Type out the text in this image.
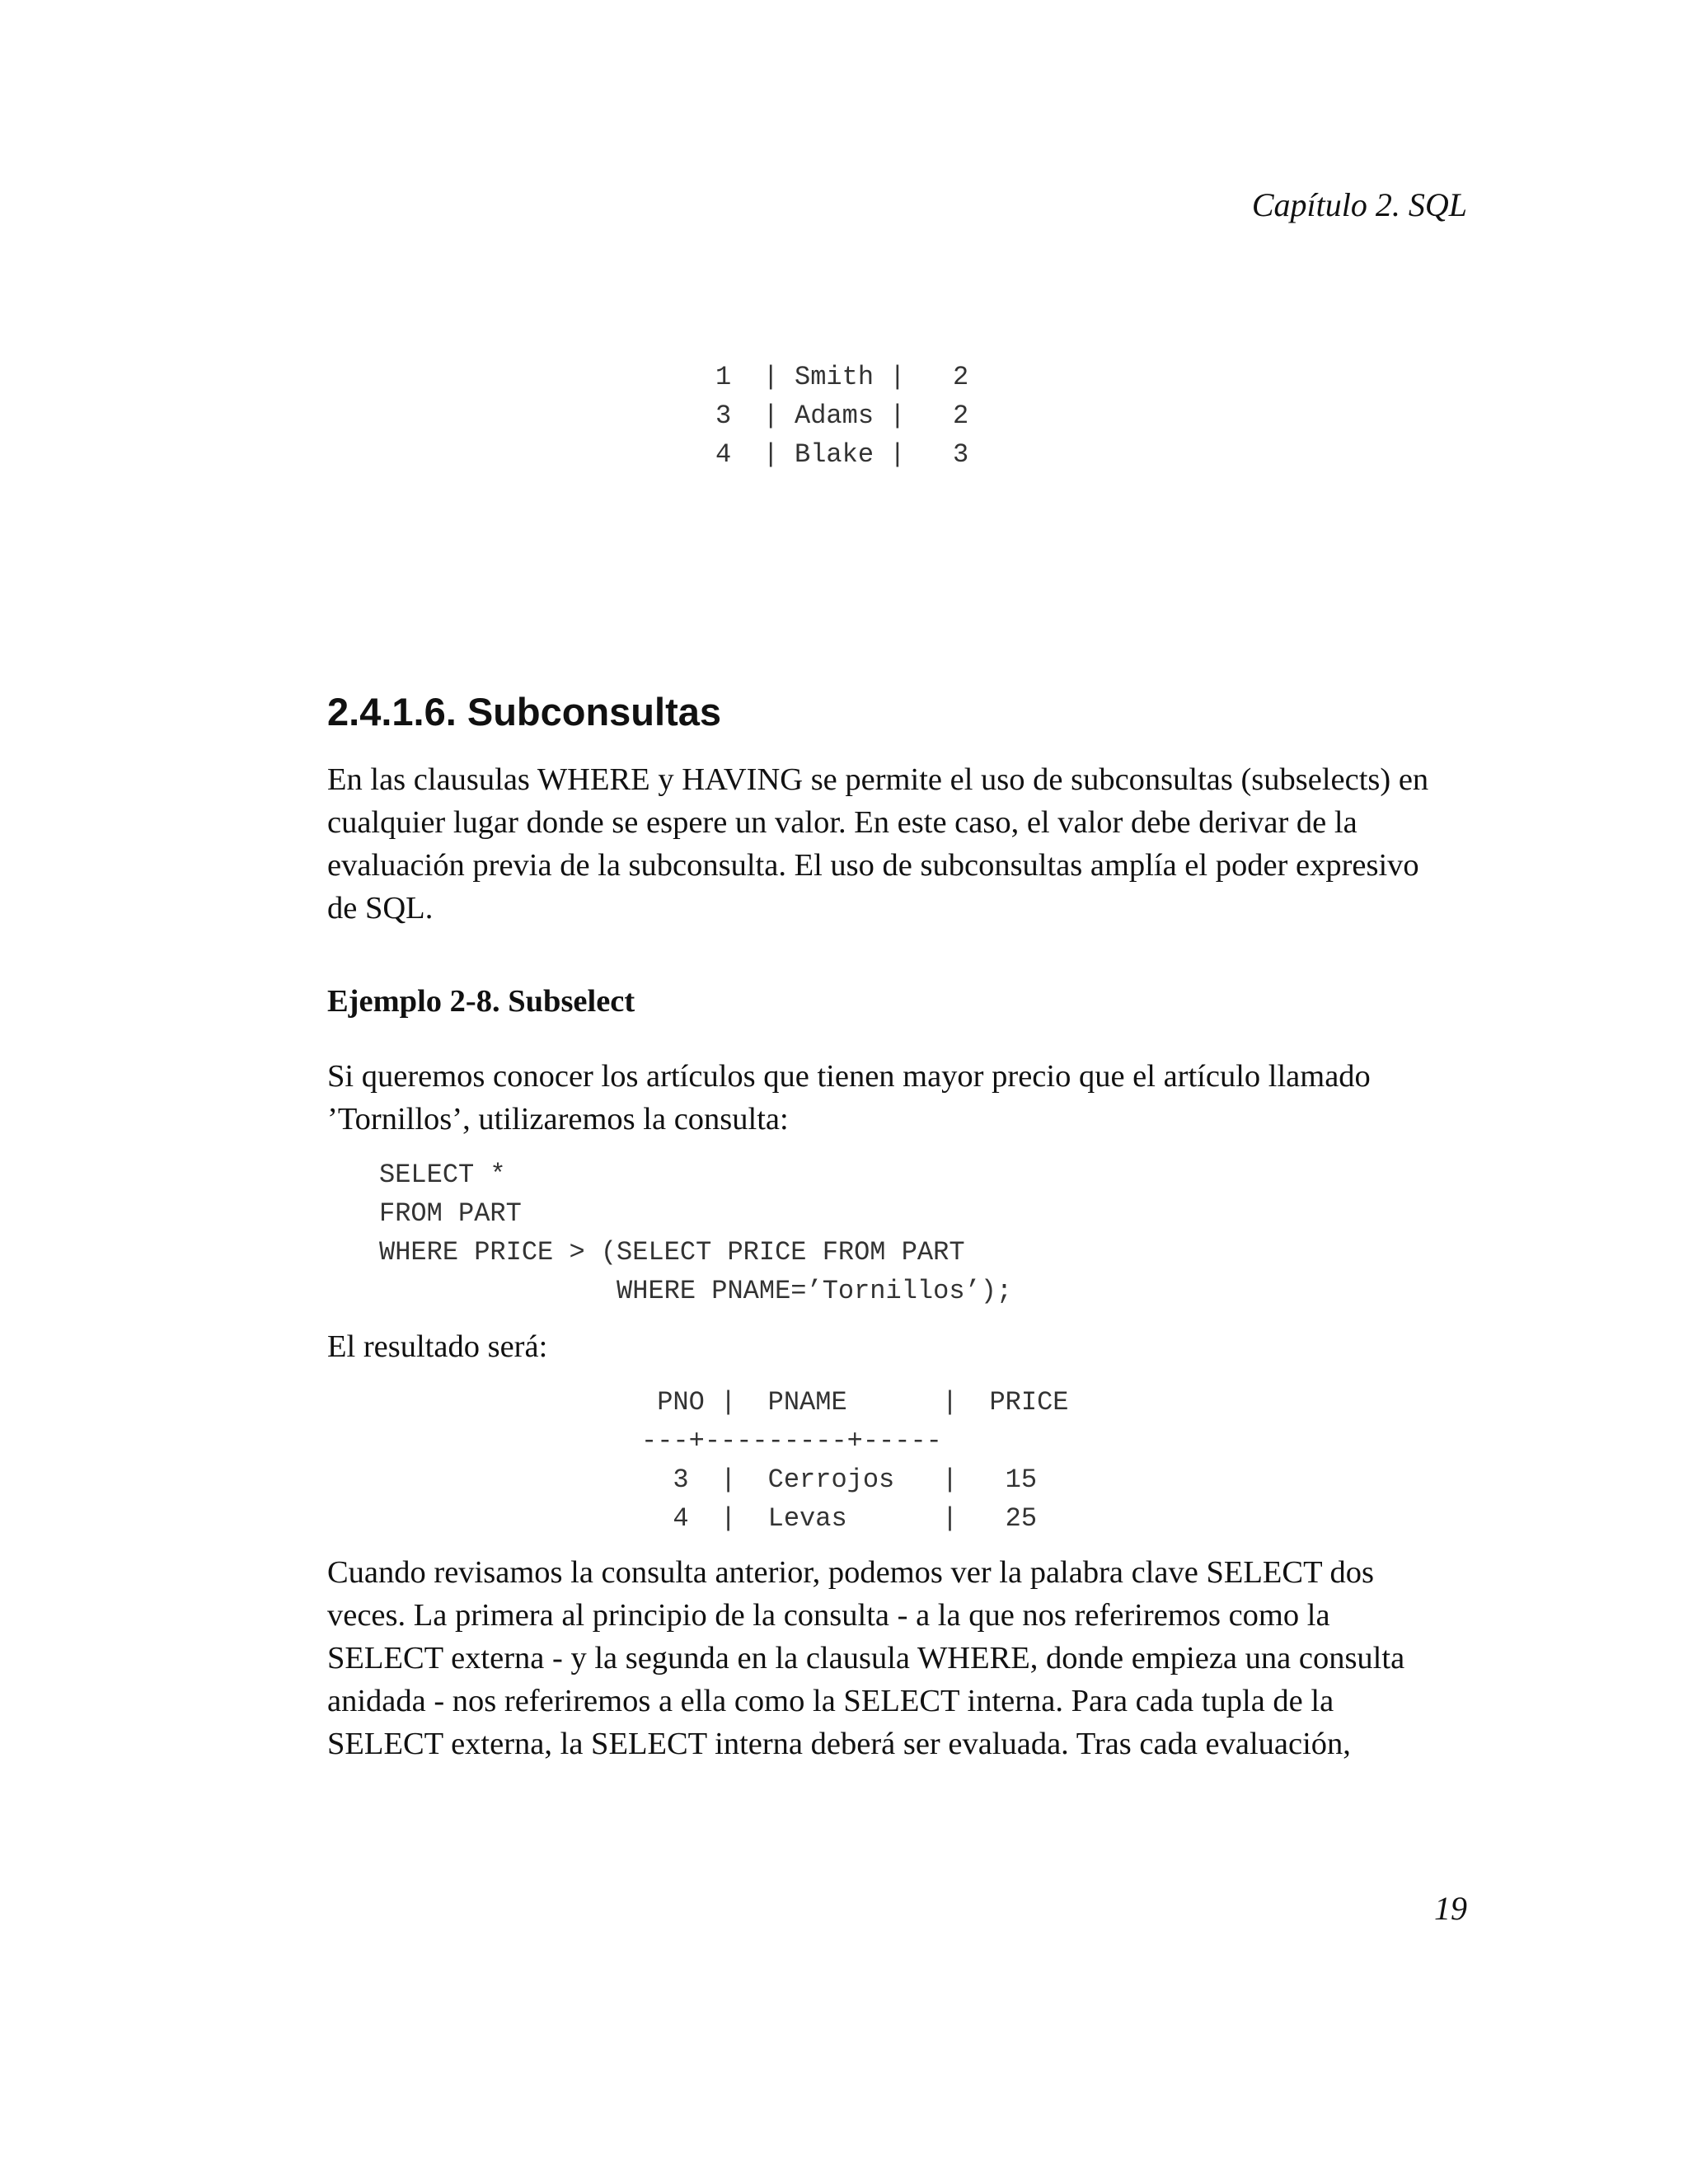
Capítulo 2. SQL
1  | Smith |   2
3  | Adams |   2
4  | Blake |   3
2.4.1.6. Subconsultas

En las clausulas WHERE y HAVING se permite el uso de subconsultas (subselects) en
cualquier lugar donde se espere un valor. En este caso, el valor debe derivar de la
evaluación previa de la subconsulta. El uso de subconsultas amplía el poder expresivo
de SQL.

Ejemplo 2-8. Subselect

Si queremos conocer los artículos que tienen mayor precio que el artículo llamado
’Tornillos’, utilizaremos la consulta:

SELECT *
FROM PART
WHERE PRICE > (SELECT PRICE FROM PART
WHERE PNAME=’Tornillos’);

El resultado será:

PNO |  PNAME      |  PRICE
---+---------+-----
3  |  Cerrojos   |   15
4  |  Levas      |   25

Cuando revisamos la consulta anterior, podemos ver la palabra clave SELECT dos
veces. La primera al principio de la consulta - a la que nos referiremos como la
SELECT externa - y la segunda en la clausula WHERE, donde empieza una consulta
anidada - nos referiremos a ella como la SELECT interna. Para cada tupla de la
SELECT externa, la SELECT interna deberá ser evaluada. Tras cada evaluación,

19
